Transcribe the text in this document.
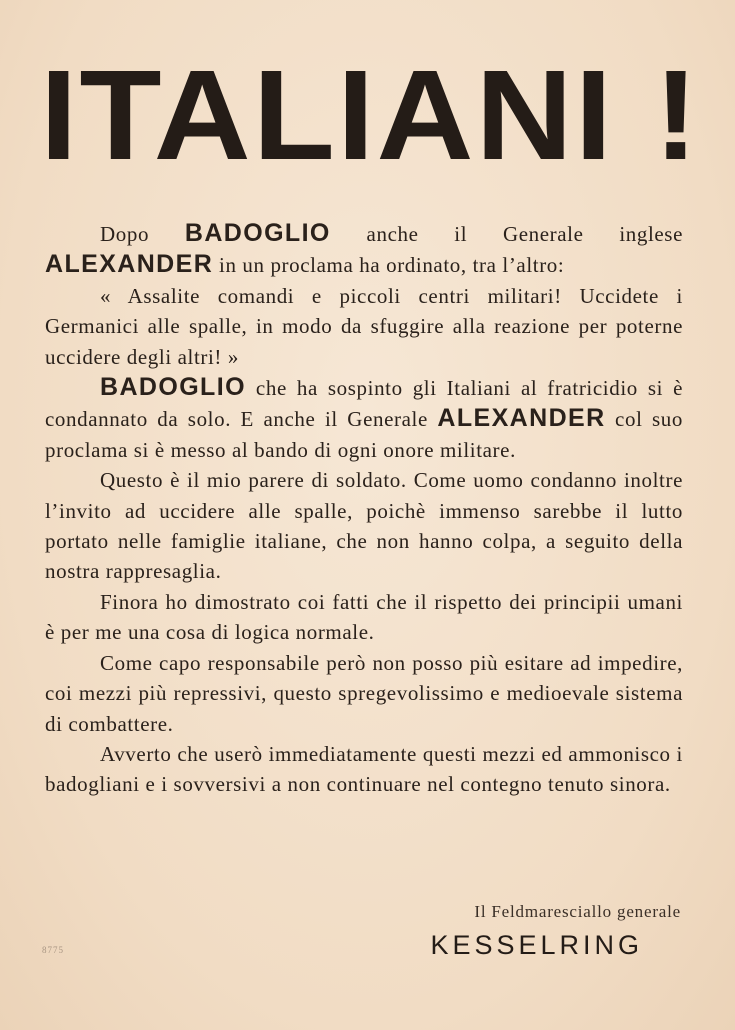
ITALIANI !

Dopo BADOGLIO anche il Generale inglese ALEXANDER in un proclama ha ordinato, tra l’altro:

« Assalite comandi e piccoli centri militari! Uccidete i Germanici alle spalle, in modo da sfuggire alla reazione per poterne uccidere degli altri! »

BADOGLIO che ha sospinto gli Italiani al fratricidio si è condannato da solo. E anche il Generale ALEXANDER col suo proclama si è messo al bando di ogni onore militare.

Questo è il mio parere di soldato. Come uomo condanno inoltre l’invito ad uccidere alle spalle, poichè immenso sarebbe il lutto portato nelle famiglie italiane, che non hanno colpa, a seguito della nostra rappresaglia.

Finora ho dimostrato coi fatti che il rispetto dei principii umani è per me una cosa di logica normale.

Come capo responsabile però non posso più esitare ad impedire, coi mezzi più repressivi, questo spregevolissimo e medioevale sistema di combattere.

Avverto che userò immediatamente questi mezzi ed ammonisco i badogliani e i sovversivi a non continuare nel contegno tenuto sinora.

Il Feldmaresciallo generale
KESSELRING
8775
